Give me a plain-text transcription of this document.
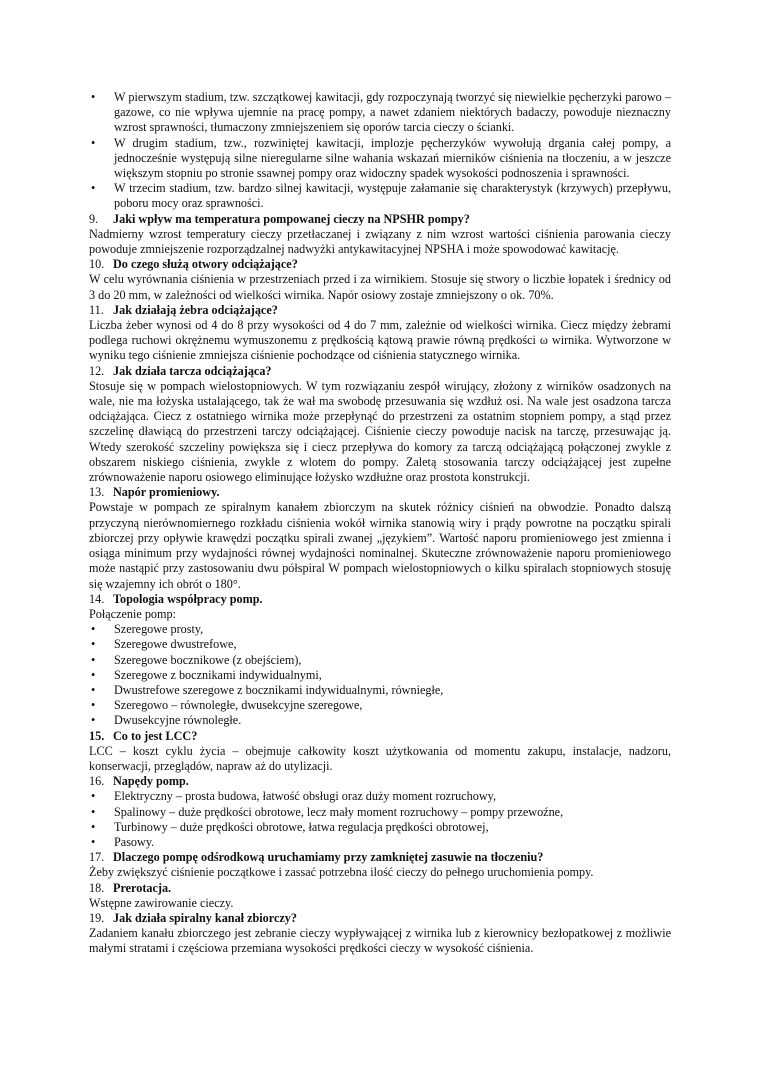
•	W pierwszym stadium, tzw. szczątkowej kawitacji, gdy rozpoczynają tworzyć się niewielkie pęcherzyki parowo – gazowe, co nie wpływa ujemnie na pracę pompy, a nawet zdaniem niektórych badaczy, powoduje nieznaczny wzrost sprawności, tłumaczony zmniejszeniem się oporów tarcia cieczy o ścianki.
•	W drugim stadium, tzw., rozwiniętej kawitacji, implozje pęcherzyków wywołują drgania całej pompy, a jednocześnie występują silne nieregularne silne wahania wskazań mierników ciśnienia na tłoczeniu, a w jeszcze większym stopniu po stronie ssawnej pompy oraz widoczny spadek wysokości podnoszenia i sprawności.
•	W trzecim stadium, tzw. bardzo silnej kawitacji, występuje załamanie się charakterystyk (krzywych) przepływu, poboru mocy oraz sprawności.
9. Jaki wpływ ma temperatura pompowanej cieczy na NPSHR pompy?

Nadmierny wzrost temperatury cieczy przetłaczanej i związany z nim wzrost wartości ciśnienia parowania cieczy powoduje zmniejszenie rozporządzalnej nadwyżki antykawitacyjnej NPSHA i może spowodować kawitację.

10. Do czego służą otwory odciążające?

W celu wyrównania ciśnienia w przestrzeniach przed i za wirnikiem. Stosuje się stwory o liczbie łopatek i średnicy od 3 do 20 mm, w zależności od wielkości wirnika. Napór osiowy zostaje zmniejszony o ok. 70%.

11. Jak działają żebra odciążające?

Liczba żeber wynosi od 4 do 8 przy wysokości od 4 do 7 mm, zależnie od wielkości wirnika. Ciecz między żebrami podlega ruchowi okrężnemu wymuszonemu z prędkością kątową prawie równą prędkości ω wirnika. Wytworzone w wyniku tego ciśnienie zmniejsza ciśnienie pochodzące od ciśnienia statycznego wirnika.

12. Jak działa tarcza odciążająca?

Stosuje się w pompach wielostopniowych. W tym rozwiązaniu zespół wirujący, złożony z wirników osadzonych na wale, nie ma łożyska ustalającego, tak że wał ma swobodę przesuwania się wzdłuż osi. Na wale jest osadzona tarcza odciążająca. Ciecz z ostatniego wirnika może przepłynąć do przestrzeni za ostatnim stopniem pompy, a stąd przez szczelinę dławiącą do przestrzeni tarczy odciążającej. Ciśnienie cieczy powoduje nacisk na tarczę, przesuwając ją. Wtedy szerokość szczeliny powiększa się i ciecz przepływa do komory za tarczą odciążającą połączonej zwykle z obszarem niskiego ciśnienia, zwykle z wlotem do pompy. Zaletą stosowania tarczy odciążającej jest zupełne zrównoważenie naporu osiowego eliminujące łożysko wzdłużne oraz prostota konstrukcji.

13. Napór promieniowy.

Powstaje w pompach ze spiralnym kanałem zbiorczym na skutek różnicy ciśnień na obwodzie. Ponadto dalszą przyczyną nierównomiernego rozkładu ciśnienia wokół wirnika stanowią wiry i prądy powrotne na początku spirali zbiorczej przy opływie krawędzi początku spirali zwanej „językiem”. Wartość naporu promieniowego jest zmienna i osiąga minimum przy wydajności równej wydajności nominalnej. Skuteczne zrównoważenie naporu promieniowego może nastąpić przy zastosowaniu dwu półspiral W pompach wielostopniowych o kilku spiralach stopniowych stosuję się wzajemny ich obrót o 180°.

14. Topologia współpracy pomp.

Połączenie pomp:

•	Szeregowe prosty,
•	Szeregowe dwustrefowe,
•	Szeregowe bocznikowe (z obejściem),
•	Szeregowe z bocznikami indywidualnymi,
•	Dwustrefowe szeregowe z bocznikami indywidualnymi, równiegłe,
•	Szeregowo – równoległe, dwusekcyjne szeregowe,
•	Dwusekcyjne równoległe.
15. Co to jest LCC?

LCC – koszt cyklu życia – obejmuje całkowity koszt użytkowania od momentu zakupu, instalacje, nadzoru, konserwacji, przeglądów, napraw aż do utylizacji.

16. Napędy pomp.
•	Elektryczny – prosta budowa, łatwość obsługi oraz duży moment rozruchowy,
•	Spalinowy – duże prędkości obrotowe, lecz mały moment rozruchowy – pompy przewoźne,
•	Turbinowy – duże prędkości obrotowe, łatwa regulacja prędkości obrotowej,
•	Pasowy.
17. Dlaczego pompę odśrodkową uruchamiamy przy zamkniętej zasuwie na tłoczeniu?

Żeby zwiększyć ciśnienie początkowe i zassać potrzebna ilość cieczy do pełnego uruchomienia pompy.

18. Prerotacja.

Wstępne zawirowanie cieczy.

19. Jak działa spiralny kanał zbiorczy?

Zadaniem kanału zbiorczego jest zebranie cieczy wypływającej z wirnika lub z kierownicy bezłopatkowej z możliwie małymi stratami i częściowa przemiana wysokości prędkości cieczy w wysokość ciśnienia.
